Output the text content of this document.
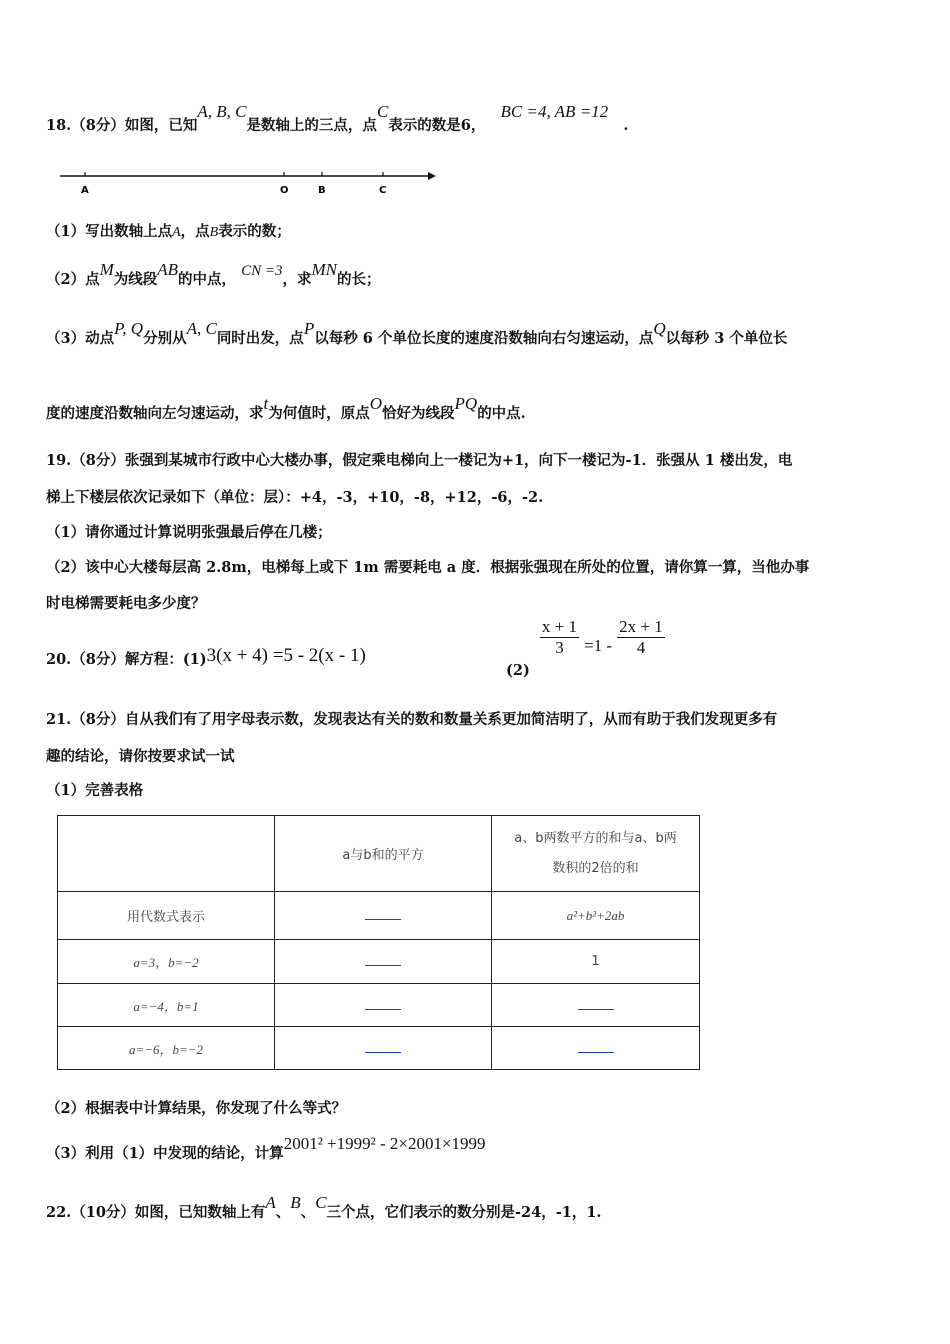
18.（8分）如图，已知A, B, C是数轴上的三点，点C表示的数是6，   BC =4, AB =12   .
A	O	B	C
（1）写出数轴上点A，点B表示的数；
（2）点M为线段AB的中点， CN =3，求MN的长；
（3）动点P, Q分别从A, C同时出发，点P以每秒 6 个单位长度的速度沿数轴向右匀速运动，点Q以每秒 3 个单位长
度的速度沿数轴向左匀速运动，求t为何值时，原点O恰好为线段PQ的中点.
19.（8分）张强到某城市行政中心大楼办事，假定乘电梯向上一楼记为+1，向下一楼记为-1．张强从 1 楼出发，电
梯上下楼层依次记录如下（单位：层）：+4，-3，+10，-8，+12，-6，-2.
（1）请你通过计算说明张强最后停在几楼；
（2）该中心大楼每层高 2.8m，电梯每上或下 1m 需要耗电 a 度．根据张强现在所处的位置，请你算一算，当他办事
时电梯需要耗电多少度？
20.（8分）解方程：(1)3(x + 4) =5 - 2(x - 1)
(2)
$\frac{x + 1}{3} =1 - \frac{2x + 1}{4}$
21.（8分）自从我们有了用字母表示数，发现表达有关的数和数量关系更加简洁明了，从而有助于我们发现更多有
趣的结论，请你按要求试一试
（1）完善表格
	a与b和的平方	a、b两数平方的和与a、b两
数积的2倍的和
用代数式表示		a²+b²+2ab
a=3，b=−2		1
a=−4，b=1		
a=−6，b=−2		
（2）根据表中计算结果，你发现了什么等式？
（3）利用（1）中发现的结论，计算2001² +1999² - 2×2001×1999
22.（10分）如图，已知数轴上有A、B、C三个点，它们表示的数分别是-24，-1，1.
